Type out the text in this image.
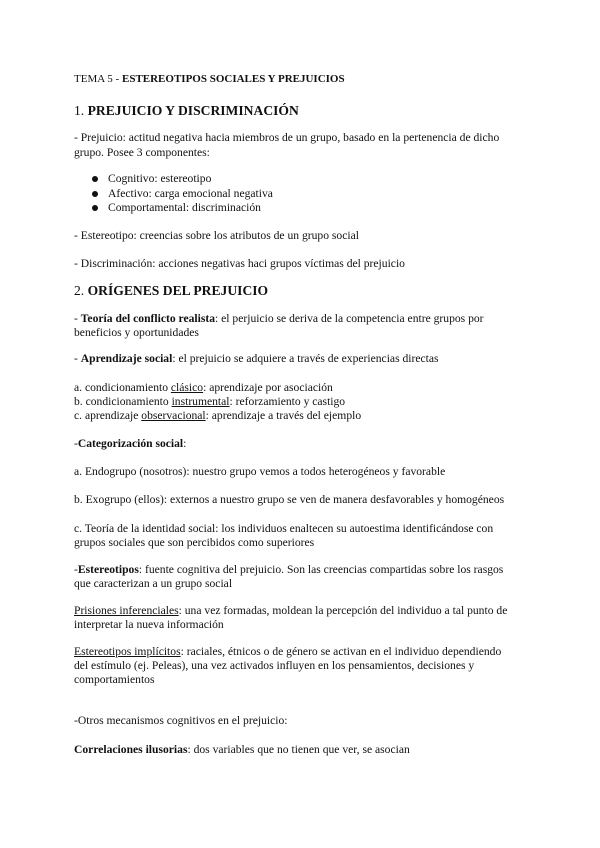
TEMA 5 - ESTEREOTIPOS SOCIALES Y PREJUICIOS
1. PREJUICIO Y DISCRIMINACIÓN
- Prejuicio: actitud negativa hacia miembros de un grupo, basado en la pertenencia de dicho
grupo. Posee 3 componentes:
Cognitivo: estereotipo
Afectivo: carga emocional negativa
Comportamental: discriminación
- Estereotipo: creencias sobre los atributos de un grupo social
- Discriminación: acciones negativas haci grupos víctimas del prejuicio
2. ORÍGENES DEL PREJUICIO
- Teoría del conflicto realista: el perjuicio se deriva de la competencia entre grupos por
beneficios y oportunidades
- Aprendizaje social: el prejuicio se adquiere a través de experiencias directas
a. condicionamiento clásico: aprendizaje por asociación
b. condicionamiento instrumental: reforzamiento y castigo
c. aprendizaje observacional: aprendizaje a través del ejemplo
-Categorización social:
a. Endogrupo (nosotros): nuestro grupo vemos a todos heterogéneos y favorable
b. Exogrupo (ellos): externos a nuestro grupo se ven de manera desfavorables y homogéneos
c. Teoría de la identidad social: los individuos enaltecen su autoestima identificándose con
grupos sociales que son percibidos como superiores
-Estereotipos: fuente cognitiva del prejuicio. Son las creencias compartidas sobre los rasgos
que caracterizan a un grupo social
Prisiones inferenciales: una vez formadas, moldean la percepción del individuo a tal punto de
interpretar la nueva información
Estereotipos implícitos: raciales, étnicos o de género se activan en el individuo dependiendo
del estímulo (ej. Peleas), una vez activados influyen en los pensamientos, decisiones y
comportamientos
-Otros mecanismos cognitivos en el prejuicio:
Correlaciones ilusorias: dos variables que no tienen que ver, se asocian
